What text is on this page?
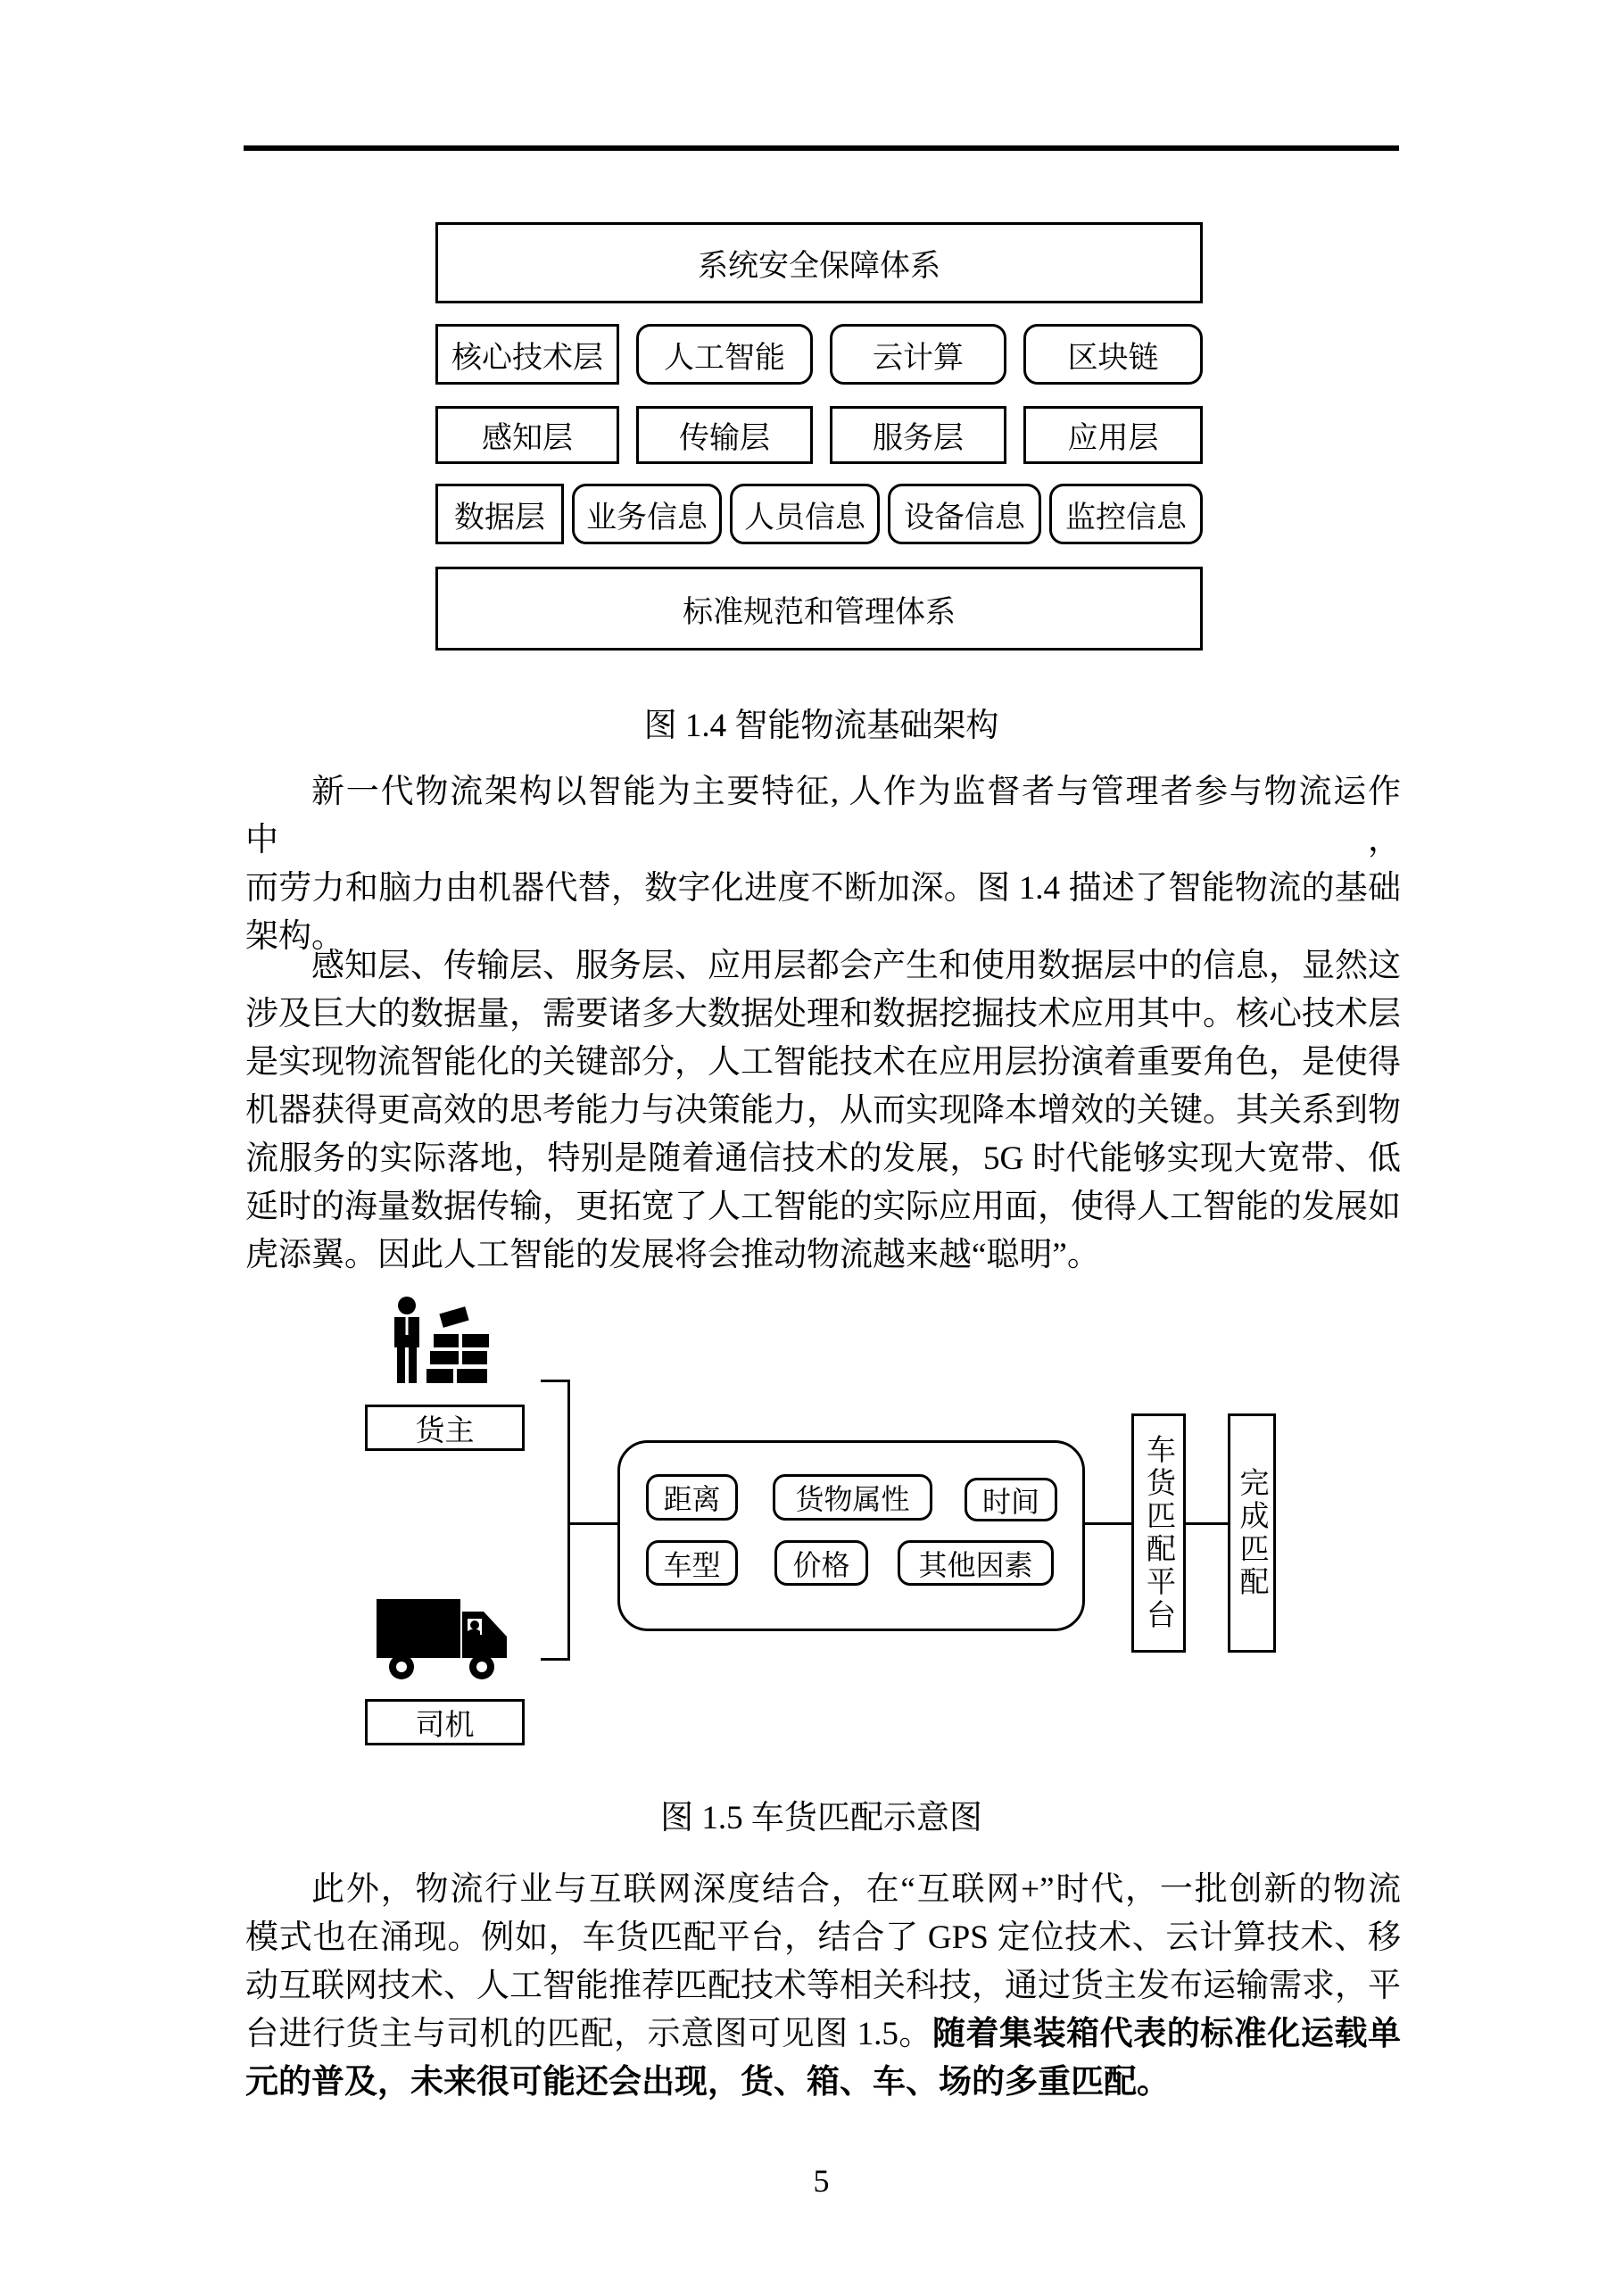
系统安全保障体系
核心技术层	人工智能	云计算	区块链
感知层	传输层	服务层	应用层
数据层	业务信息	人员信息	设备信息	监控信息
标准规范和管理体系
图 1.4 智能物流基础架构
新一代物流架构以智能为主要特征, 人作为监督者与管理者参与物流运作中，
而劳力和脑力由机器代替，数字化进度不断加深。图 1.4 描述了智能物流的基础
架构。
感知层、传输层、服务层、应用层都会产生和使用数据层中的信息，显然这
涉及巨大的数据量，需要诸多大数据处理和数据挖掘技术应用其中。核心技术层
是实现物流智能化的关键部分，人工智能技术在应用层扮演着重要角色，是使得
机器获得更高效的思考能力与决策能力，从而实现降本增效的关键。其关系到物
流服务的实际落地，特别是随着通信技术的发展，5G 时代能够实现大宽带、低
延时的海量数据传输，更拓宽了人工智能的实际应用面，使得人工智能的发展如
虎添翼。因此人工智能的发展将会推动物流越来越“聪明”。
货主
司机
距离	货物属性	时间
车型	价格	其他因素	车货匹配平台	完成匹配
图 1.5 车货匹配示意图
此外，物流行业与互联网深度结合，在“互联网+”时代，一批创新的物流
模式也在涌现。例如，车货匹配平台，结合了 GPS 定位技术、云计算技术、移
动互联网技术、人工智能推荐匹配技术等相关科技，通过货主发布运输需求，平
台进行货主与司机的匹配，示意图可见图 1.5。随着集装箱代表的标准化运载单
元的普及，未来很可能还会出现，货、箱、车、场的多重匹配。
5
